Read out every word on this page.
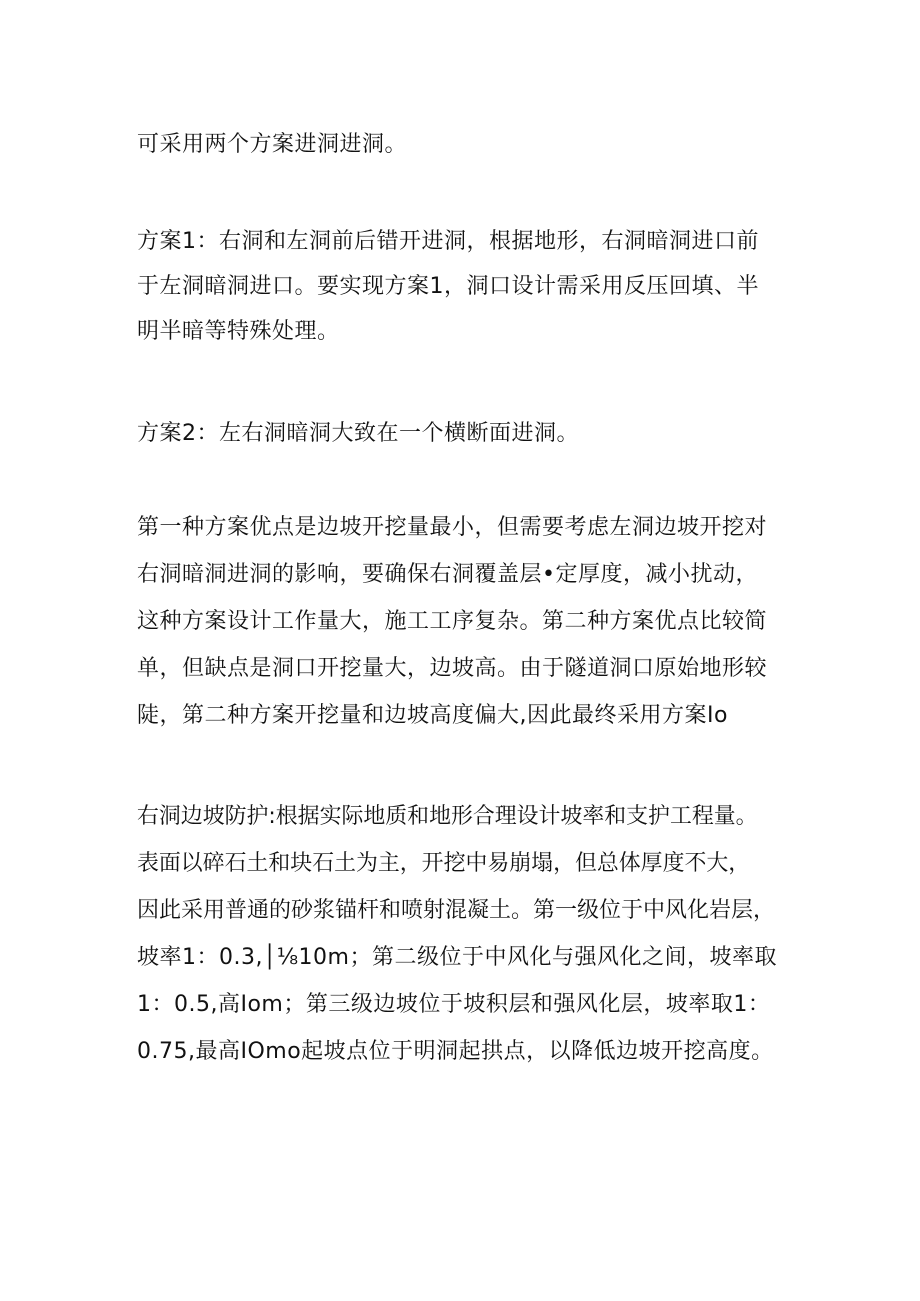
可采用两个方案进洞进洞。
方案1：右洞和左洞前后错开进洞，根据地形，右洞暗洞进口前
于左洞暗洞进口。要实现方案1，洞口设计需采用反压回填、半
明半暗等特殊处理。
方案2：左右洞暗洞大致在一个横断面进洞。
第一种方案优点是边坡开挖量最小，但需要考虑左洞边坡开挖对
右洞暗洞进洞的影响，要确保右洞覆盖层•定厚度，减小扰动，
这种方案设计工作量大，施工工序复杂。第二种方案优点比较简
单，但缺点是洞口开挖量大，边坡高。由于隧道洞口原始地形较
陡，第二种方案开挖量和边坡高度偏大,因此最终采用方案Io
右洞边坡防护:根据实际地质和地形合理设计坡率和支护工程量。
表面以碎石土和块石土为主，开挖中易崩塌，但总体厚度不大，
因此采用普通的砂浆锚杆和喷射混凝土。第一级位于中风化岩层，
坡率1：0.3,│⅛10m；第二级位于中风化与强风化之间，坡率取
1：0.5,高Iom；第三级边坡位于坡积层和强风化层，坡率取1：
0.75,最高IOmo起坡点位于明洞起拱点，以降低边坡开挖高度。
